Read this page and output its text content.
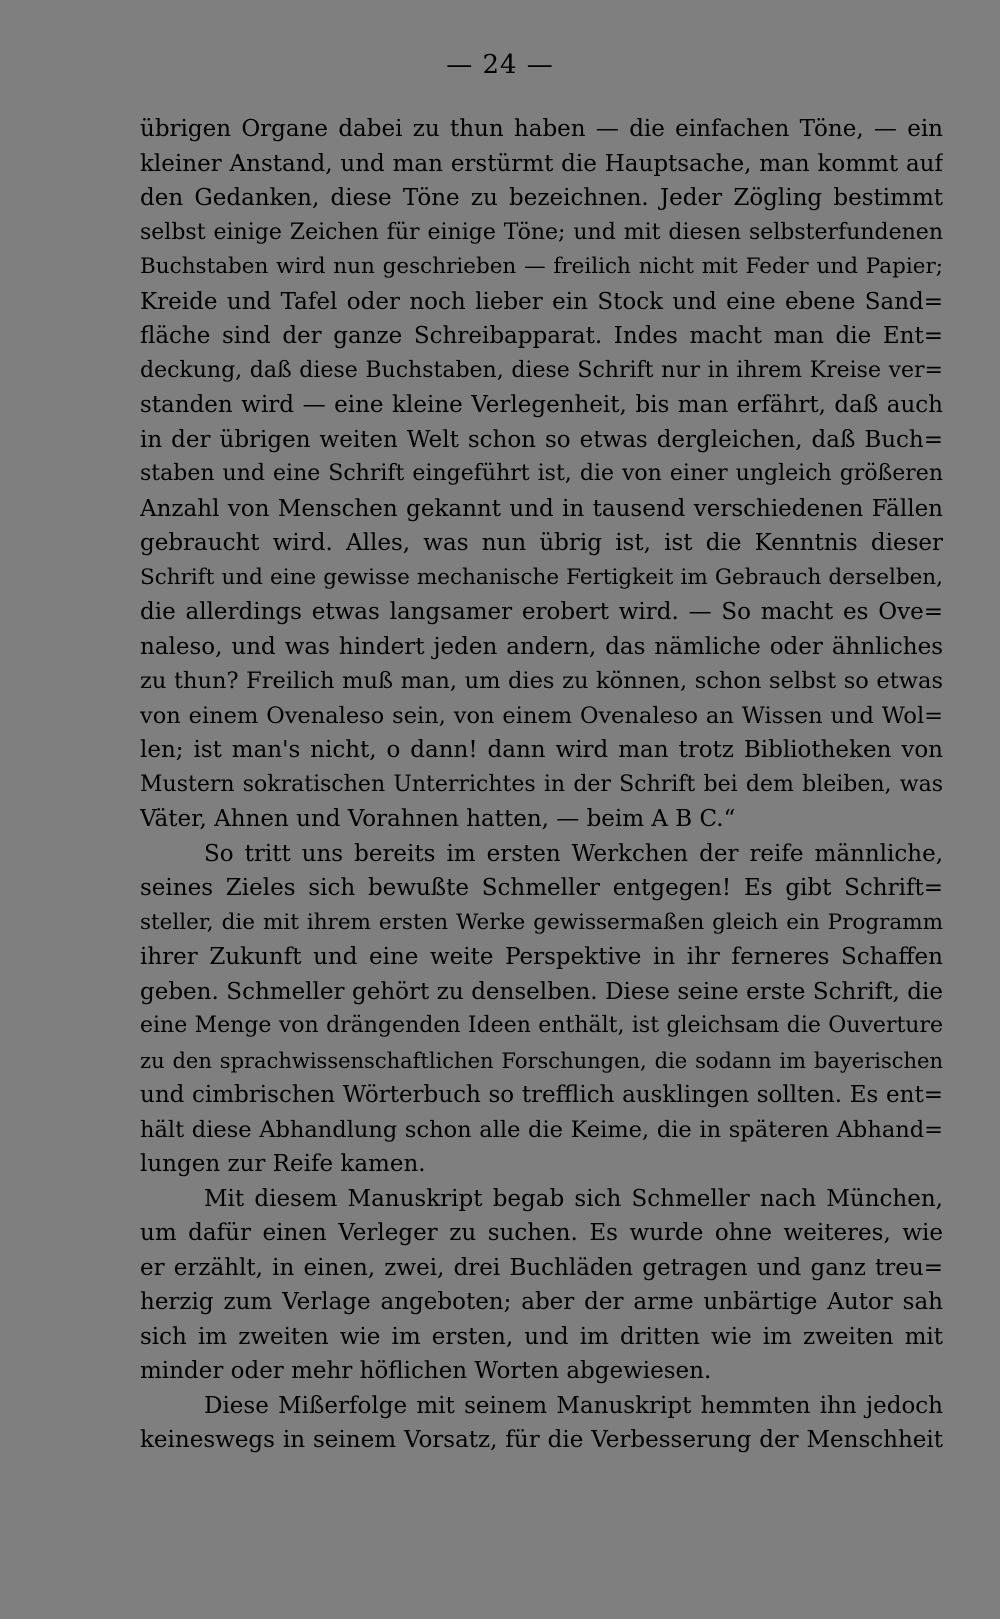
— 24 —
übrigen Organe dabei zu thun haben — die einfachen Töne, — ein
kleiner Anstand, und man erstürmt die Hauptsache, man kommt auf
den Gedanken, diese Töne zu bezeichnen. Jeder Zögling bestimmt
selbst einige Zeichen für einige Töne; und mit diesen selbsterfundenen
Buchstaben wird nun geschrieben — freilich nicht mit Feder und Papier;
Kreide und Tafel oder noch lieber ein Stock und eine ebene Sand=
fläche sind der ganze Schreibapparat. Indes macht man die Ent=
deckung, daß diese Buchstaben, diese Schrift nur in ihrem Kreise ver=
standen wird — eine kleine Verlegenheit, bis man erfährt, daß auch
in der übrigen weiten Welt schon so etwas dergleichen, daß Buch=
staben und eine Schrift eingeführt ist, die von einer ungleich größeren
Anzahl von Menschen gekannt und in tausend verschiedenen Fällen
gebraucht wird. Alles, was nun übrig ist, ist die Kenntnis dieser
Schrift und eine gewisse mechanische Fertigkeit im Gebrauch derselben,
die allerdings etwas langsamer erobert wird. — So macht es Ove=
naleso, und was hindert jeden andern, das nämliche oder ähnliches
zu thun? Freilich muß man, um dies zu können, schon selbst so etwas
von einem Ovenaleso sein, von einem Ovenaleso an Wissen und Wol=
len; ist man's nicht, o dann! dann wird man trotz Bibliotheken von
Mustern sokratischen Unterrichtes in der Schrift bei dem bleiben, was
Väter, Ahnen und Vorahnen hatten, — beim A B C.“
So tritt uns bereits im ersten Werkchen der reife männliche,
seines Zieles sich bewußte Schmeller entgegen! Es gibt Schrift=
steller, die mit ihrem ersten Werke gewissermaßen gleich ein Programm
ihrer Zukunft und eine weite Perspektive in ihr ferneres Schaffen
geben. Schmeller gehört zu denselben. Diese seine erste Schrift, die
eine Menge von drängenden Ideen enthält, ist gleichsam die Ouverture
zu den sprachwissenschaftlichen Forschungen, die sodann im bayerischen
und cimbrischen Wörterbuch so trefflich ausklingen sollten. Es ent=
hält diese Abhandlung schon alle die Keime, die in späteren Abhand=
lungen zur Reife kamen.
Mit diesem Manuskript begab sich Schmeller nach München,
um dafür einen Verleger zu suchen. Es wurde ohne weiteres, wie
er erzählt, in einen, zwei, drei Buchläden getragen und ganz treu=
herzig zum Verlage angeboten; aber der arme unbärtige Autor sah
sich im zweiten wie im ersten, und im dritten wie im zweiten mit
minder oder mehr höflichen Worten abgewiesen.
Diese Mißerfolge mit seinem Manuskript hemmten ihn jedoch
keineswegs in seinem Vorsatz, für die Verbesserung der Menschheit
